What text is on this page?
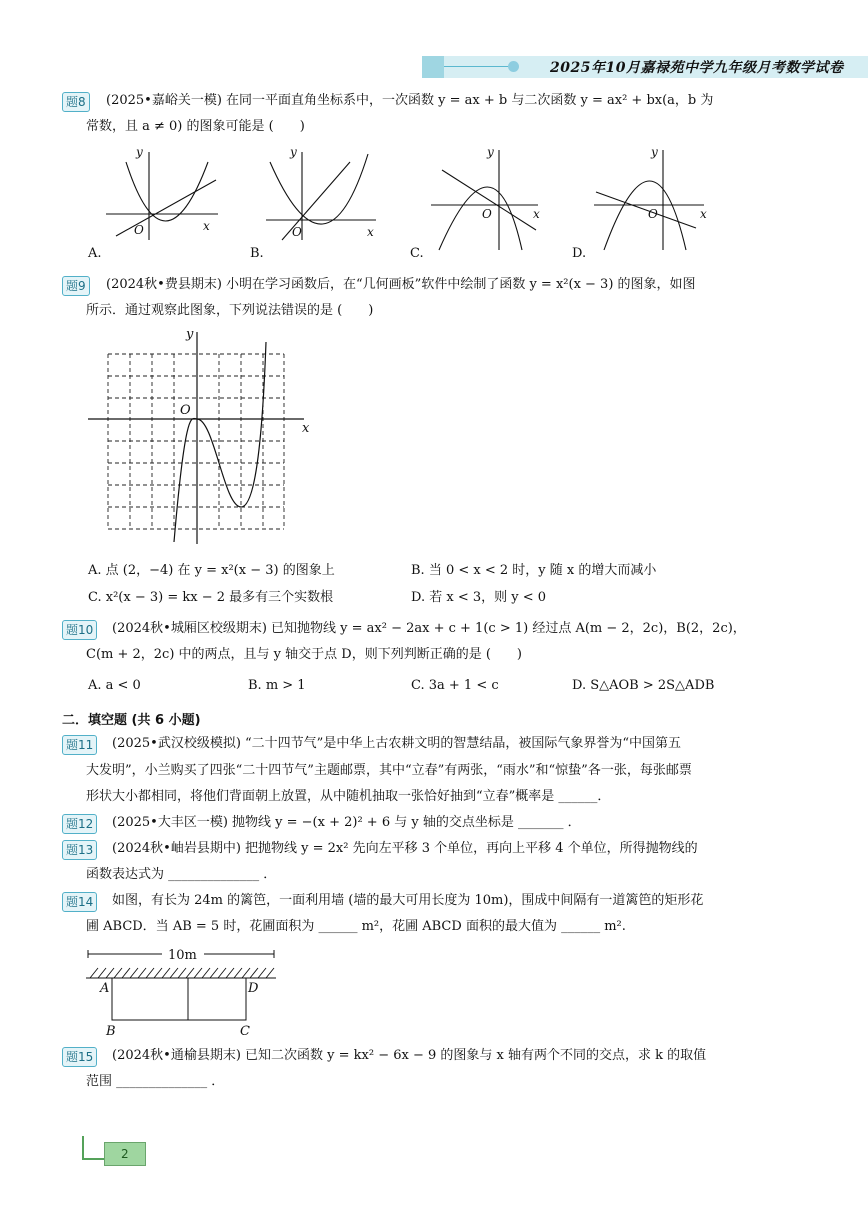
2025年10月嘉禄苑中学九年级月考数学试卷
题8	(2025•嘉峪关一模) 在同一平面直角坐标系中，一次函数 y = ax + b 与二次函数 y = ax² + bx(a，b 为
常数，且 a ≠ 0) 的图象可能是 (　　)
y
x
O
y
x
O
y
x
O
y
x
O
A.	B.	C.	D.
题9	(2024秋•费县期末) 小明在学习函数后，在“几何画板”软件中绘制了函数 y = x²(x − 3) 的图象，如图
所示．通过观察此图象，下列说法错误的是 (　　)
y
x
O
A. 点 (2，−4) 在 y = x²(x − 3) 的图象上	B. 当 0 < x < 2 时，y 随 x 的增大而减小
C. x²(x − 3) = kx − 2 最多有三个实数根	D. 若 x < 3，则 y < 0
题10	(2024秋•城厢区校级期末) 已知抛物线 y = ax² − 2ax + c + 1(c > 1) 经过点 A(m − 2，2c)，B(2，2c)，
C(m + 2，2c) 中的两点，且与 y 轴交于点 D，则下列判断正确的是 (　　)
A. a < 0	B. m > 1	C. 3a + 1 < c	D. S△AOB > 2S△ADB
二．填空题 (共 6 小题)
题11	(2025•武汉校级模拟) “二十四节气”是中华上古农耕文明的智慧结晶，被国际气象界誉为“中国第五
大发明”，小兰购买了四张“二十四节气”主题邮票，其中“立春”有两张，“雨水”和“惊蛰”各一张，每张邮票
形状大小都相同，将他们背面朝上放置，从中随机抽取一张恰好抽到“立春”概率是 ______．
题12	(2025•大丰区一模) 抛物线 y = −(x + 2)² + 6 与 y 轴的交点坐标是 _______ ．
题13	(2024秋•岫岩县期中) 把抛物线 y = 2x² 先向左平移 3 个单位，再向上平移 4 个单位，所得抛物线的
函数表达式为 ______________ ．
题14	如图，有长为 24m 的篱笆，一面利用墙 (墙的最大可用长度为 10m)，围成中间隔有一道篱笆的矩形花
圃 ABCD．当 AB = 5 时，花圃面积为 ______ m²，花圃 ABCD 面积的最大值为 ______ m².
10m
A	D
B	C
题15	(2024秋•通榆县期末) 已知二次函数 y = kx² − 6x − 9 的图象与 x 轴有两个不同的交点，求 k 的取值
范围 ______________ ．
2
